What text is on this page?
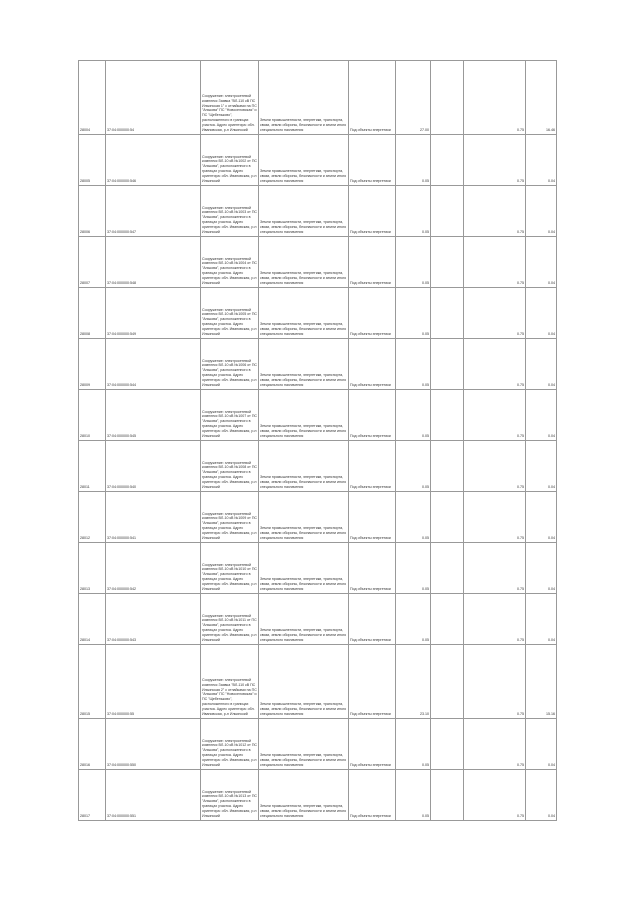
28004	37:04:000000:54	Сооружение: электросетевой комплекс Заявка "ВЛ-110 кВ ПС Ильинская 1" с отпайками на ПС "Анькова" ПС "Новоселовская" и ПС "Щебеньково", расположенного в границах участка. Адрес ориентира: обл. Ивановская, р-н Ильинский	Земли промышленности, энергетики, транспорта, связи, земли обороны, безопасности и земли иного специального назначения	Под объекты энергетики	27.00		0.75	16.46
28005	37:04:000000:546	Сооружение: электросетевой комплекс ВЛ-10 кВ №1002 от ПС "Анькова", расположенного в границах участка. Адрес ориентира: обл. Ивановская, р-н Ильинский	Земли промышленности, энергетики, транспорта, связи, земли обороны, безопасности и земли иного специального назначения	Под объекты энергетики	0.05		0.75	0.04
28006	37:04:000000:547	Сооружение: электросетевой комплекс ВЛ-10 кВ №1003 от ПС "Анькова", расположенного в границах участка. Адрес ориентира: обл. Ивановская, р-н Ильинский	Земли промышленности, энергетики, транспорта, связи, земли обороны, безопасности и земли иного специального назначения	Под объекты энергетики	0.05		0.75	0.04
28007	37:04:000000:548	Сооружение: электросетевой комплекс ВЛ-10 кВ №1004 от ПС "Анькова", расположенного в границах участка. Адрес ориентира: обл. Ивановская, р-н Ильинский	Земли промышленности, энергетики, транспорта, связи, земли обороны, безопасности и земли иного специального назначения	Под объекты энергетики	0.05		0.75	0.04
28008	37:04:000000:549	Сооружение: электросетевой комплекс ВЛ-10 кВ №1005 от ПС "Анькова", расположенного в границах участка. Адрес ориентира: обл. Ивановская, р-н Ильинский	Земли промышленности, энергетики, транспорта, связи, земли обороны, безопасности и земли иного специального назначения	Под объекты энергетики	0.05		0.75	0.04
28009	37:04:000000:544	Сооружение: электросетевой комплекс ВЛ-10 кВ №1006 от ПС "Анькова", расположенного в границах участка. Адрес ориентира: обл. Ивановская, р-н Ильинский	Земли промышленности, энергетики, транспорта, связи, земли обороны, безопасности и земли иного специального назначения	Под объекты энергетики	0.05		0.75	0.04
28010	37:04:000000:545	Сооружение: электросетевой комплекс ВЛ-10 кВ №1007 от ПС "Анькова", расположенного в границах участка. Адрес ориентира: обл. Ивановская, р-н Ильинский	Земли промышленности, энергетики, транспорта, связи, земли обороны, безопасности и земли иного специального назначения	Под объекты энергетики	0.05		0.75	0.04
28011	37:04:000000:540	Сооружение: электросетевой комплекс ВЛ-10 кВ №1008 от ПС "Анькова", расположенного в границах участка. Адрес ориентира: обл. Ивановская, р-н Ильинский	Земли промышленности, энергетики, транспорта, связи, земли обороны, безопасности и земли иного специального назначения	Под объекты энергетики	0.05		0.75	0.04
28012	37:04:000000:541	Сооружение: электросетевой комплекс ВЛ-10 кВ №1009 от ПС "Анькова", расположенного в границах участка. Адрес ориентира: обл. Ивановская, р-н Ильинский	Земли промышленности, энергетики, транспорта, связи, земли обороны, безопасности и земли иного специального назначения	Под объекты энергетики	0.05		0.75	0.04
28013	37:04:000000:542	Сооружение: электросетевой комплекс ВЛ-10 кВ №1010 от ПС "Анькова", расположенного в границах участка. Адрес ориентира: обл. Ивановская, р-н Ильинский	Земли промышленности, энергетики, транспорта, связи, земли обороны, безопасности и земли иного специального назначения	Под объекты энергетики	0.05		0.75	0.04
28014	37:04:000000:543	Сооружение: электросетевой комплекс ВЛ-10 кВ №1011 от ПС "Анькова", расположенного в границах участка. Адрес ориентира: обл. Ивановская, р-н Ильинский	Земли промышленности, энергетики, транспорта, связи, земли обороны, безопасности и земли иного специального назначения	Под объекты энергетики	0.05		0.75	0.04
28015	37:04:000000:55	Сооружение: электросетевой комплекс Заявка "ВЛ-110 кВ ПС Ильинская 2" с отпайками на ПС "Анькова" ПС "Новоселовская" и ПС "Щебеньково", расположенного в границах участка. Адрес ориентира: обл. Ивановская, р-н Ильинский	Земли промышленности, энергетики, транспорта, связи, земли обороны, безопасности и земли иного специального назначения	Под объекты энергетики	23.10		0.75	15.16
28016	37:04:000000:550	Сооружение: электросетевой комплекс ВЛ-10 кВ №1012 от ПС "Анькова", расположенного в границах участка. Адрес ориентира: обл. Ивановская, р-н Ильинский	Земли промышленности, энергетики, транспорта, связи, земли обороны, безопасности и земли иного специального назначения	Под объекты энергетики	0.05		0.75	0.04
28017	37:04:000000:551	Сооружение: электросетевой комплекс ВЛ-10 кВ №1013 от ПС "Анькова", расположенного в границах участка. Адрес ориентира: обл. Ивановская, р-н Ильинский	Земли промышленности, энергетики, транспорта, связи, земли обороны, безопасности и земли иного специального назначения	Под объекты энергетики	0.05		0.75	0.04
